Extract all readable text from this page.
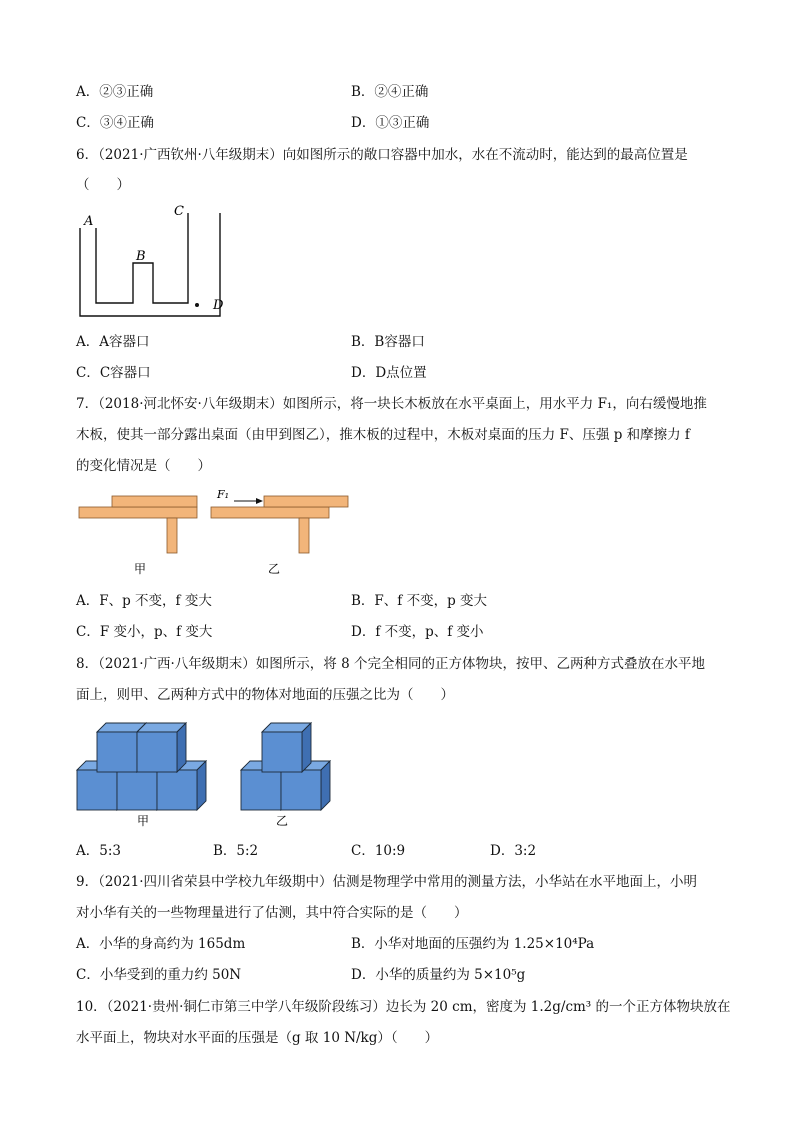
A．②③正确	B．②④正确
C．③④正确	D．①③正确
6．（2021·广西钦州·八年级期末）向如图所示的敞口容器中加水，水在不流动时，能达到的最高位置是
（　　）
A
B
C
D
A．A容器口	B．B容器口
C．C容器口	D．D点位置
7．（2018·河北怀安·八年级期末）如图所示，将一块长木板放在水平桌面上，用水平力 F₁，向右缓慢地推
木板，使其一部分露出桌面（由甲到图乙），推木板的过程中，木板对桌面的压力 F、压强 p 和摩擦力 f
的变化情况是（　　）
F₁
甲	乙
A．F、p 不变，f 变大	B．F、f 不变，p 变大
C．F 变小，p、f 变大	D．f 不变，p、f 变小
8．（2021·广西·八年级期末）如图所示，将 8 个完全相同的正方体物块，按甲、乙两种方式叠放在水平地
面上，则甲、乙两种方式中的物体对地面的压强之比为（　　）
甲	乙
A．5:3	B．5:2	C．10:9	D．3:2
9．（2021·四川省荣县中学校九年级期中）估测是物理学中常用的测量方法，小华站在水平地面上，小明
对小华有关的一些物理量进行了估测，其中符合实际的是（　　）
A．小华的身高约为 165dm	B．小华对地面的压强约为 1.25×10⁴Pa
C．小华受到的重力约 50N	D．小华的质量约为 5×10⁵g
10．（2021·贵州·铜仁市第三中学八年级阶段练习）边长为 20 cm，密度为 1.2g/cm³ 的一个正方体物块放在
水平面上，物块对水平面的压强是（g 取 10 N/kg）（　　）
